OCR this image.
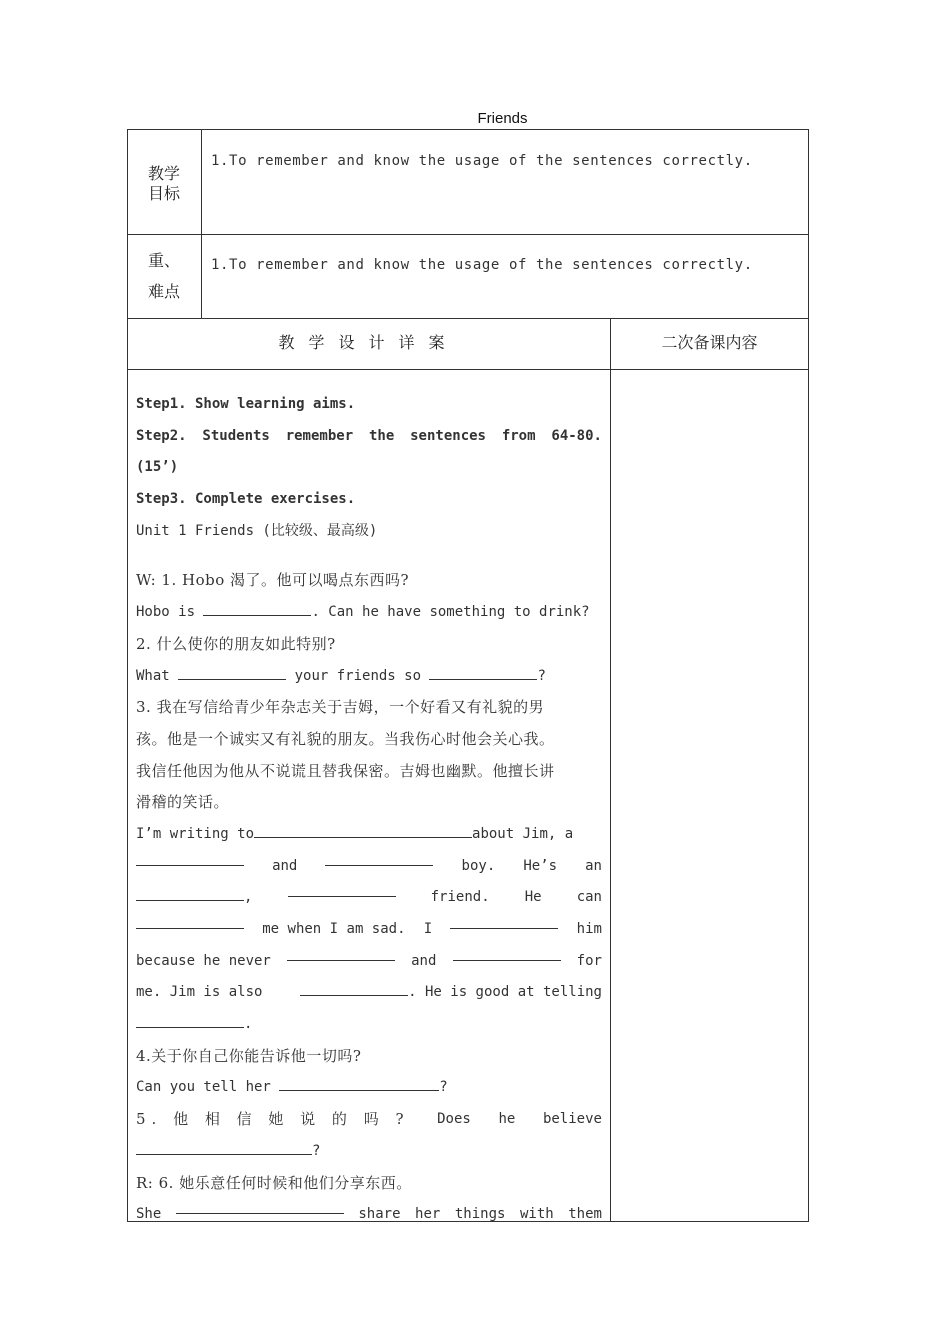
Friends
教学
目标
1.To remember and know the usage of the sentences correctly.
重、
难点
1.To remember and know the usage of the sentences correctly.
教学设计详案	二次备课内容
Step1. Show learning aims.
Step2. Students remember the sentences from 64-80.
(15’)
Step3. Complete exercises.
Unit 1 Friends (比较级、最高级)
W: 1. Hobo 渴了。他可以喝点东西吗?
Hobo is	. Can he have something to drink?
2. 什么使你的朋友如此特别?
What	your friends so	?
3. 我在写信给青少年杂志关于吉姆，一个好看又有礼貌的男
孩。他是一个诚实又有礼貌的朋友。当我伤心时他会关心我。
我信任他因为他从不说谎且替我保密。吉姆也幽默。他擅长讲
滑稽的笑话。
I’m writing to	about Jim, a
and	boy. He’s an
,	friend.	He	can
me when I am sad. I	him
because he never	and	for
me. Jim is also	. He is good at telling
.
4.关于你自己你能告诉他一切吗?
Can you tell her	?
5. 他 相 信 她 说 的 吗 ? Does he believe
?
R: 6. 她乐意任何时候和他们分享东西。
She	share her things with them
